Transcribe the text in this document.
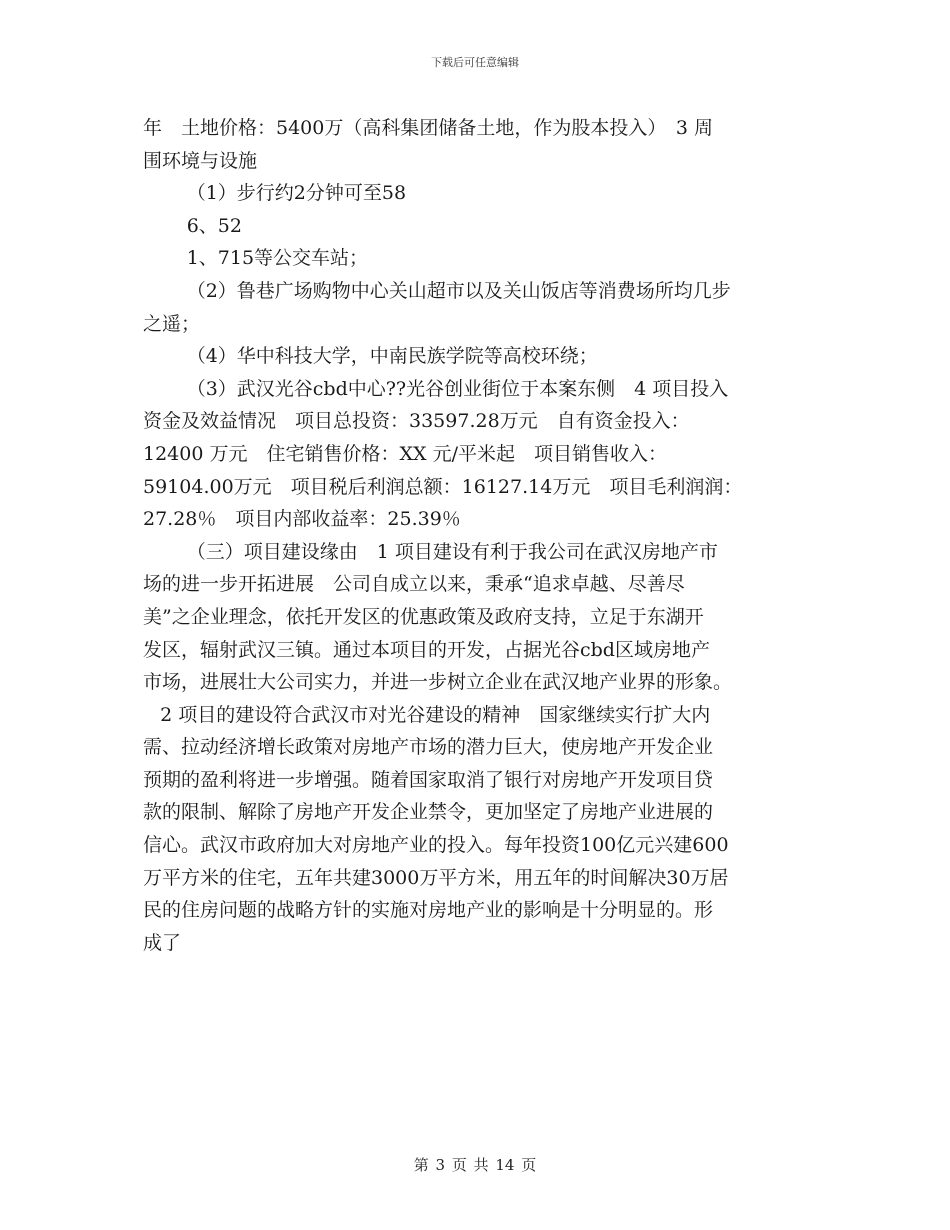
下载后可任意编辑
年　土地价格：5400万（高科集团储备土地，作为股本投入）　3 周
围环境与设施
（1）步行约2分钟可至58
6、52
1、715等公交车站；
（2）鲁巷广场购物中心关山超市以及关山饭店等消费场所均几步
之遥；
（4）华中科技大学，中南民族学院等高校环绕；
（3）武汉光谷cbd中心??光谷创业街位于本案东侧　4 项目投入
资金及效益情况　项目总投资：33597.28万元　自有资金投入：
12400 万元　住宅销售价格：XX 元/平米起　项目销售收入：
59104.00万元　项目税后利润总额：16127.14万元　项目毛利润润：
27.28％　项目内部收益率：25.39％
（三）项目建设缘由　1 项目建设有利于我公司在武汉房地产市
场的进一步开拓进展　公司自成立以来，秉承“追求卓越、尽善尽
美”之企业理念，依托开发区的优惠政策及政府支持，立足于东湖开
发区，辐射武汉三镇。通过本项目的开发，占据光谷cbd区域房地产
市场，进展壮大公司实力，并进一步树立企业在武汉地产业界的形象。
2 项目的建设符合武汉市对光谷建设的精神　国家继续实行扩大内
需、拉动经济增长政策对房地产市场的潜力巨大，使房地产开发企业
预期的盈利将进一步增强。随着国家取消了银行对房地产开发项目贷
款的限制、解除了房地产开发企业禁令，更加坚定了房地产业进展的
信心。武汉市政府加大对房地产业的投入。每年投资100亿元兴建600
万平方米的住宅，五年共建3000万平方米，用五年的时间解决30万居
民的住房问题的战略方针的实施对房地产业的影响是十分明显的。形
成了
第 3 页 共 14 页
